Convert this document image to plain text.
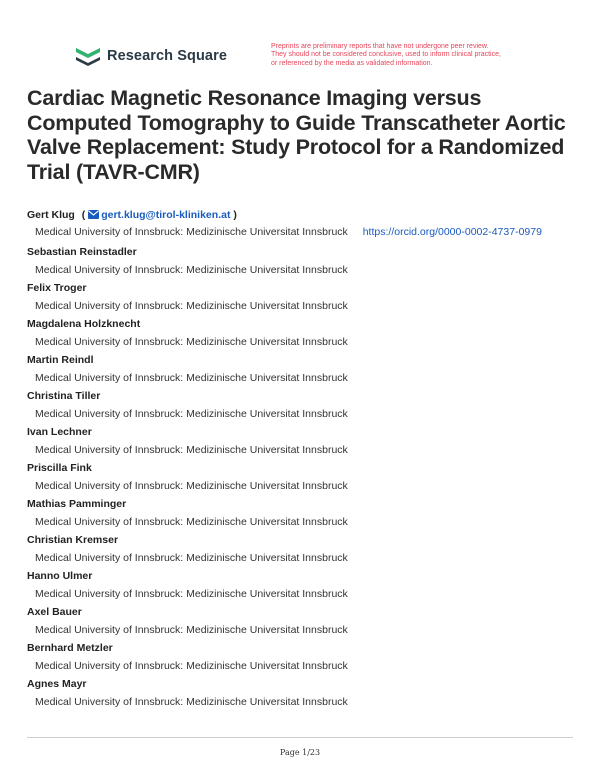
Research Square
Preprints are preliminary reports that have not undergone peer review.
They should not be considered conclusive, used to inform clinical practice,
or referenced by the media as validated information.
Cardiac Magnetic Resonance Imaging versus Computed Tomography to Guide Transcatheter Aortic Valve Replacement: Study Protocol for a Randomized Trial (TAVR-CMR)
Gert Klug ( gert.klug@tirol-kliniken.at )
Medical University of Innsbruck: Medizinische Universitat Innsbruck https://orcid.org/0000-0002-4737-0979
Sebastian Reinstadler
Medical University of Innsbruck: Medizinische Universitat Innsbruck
Felix Troger
Medical University of Innsbruck: Medizinische Universitat Innsbruck
Magdalena Holzknecht
Medical University of Innsbruck: Medizinische Universitat Innsbruck
Martin Reindl
Medical University of Innsbruck: Medizinische Universitat Innsbruck
Christina Tiller
Medical University of Innsbruck: Medizinische Universitat Innsbruck
Ivan Lechner
Medical University of Innsbruck: Medizinische Universitat Innsbruck
Priscilla Fink
Medical University of Innsbruck: Medizinische Universitat Innsbruck
Mathias Pamminger
Medical University of Innsbruck: Medizinische Universitat Innsbruck
Christian Kremser
Medical University of Innsbruck: Medizinische Universitat Innsbruck
Hanno Ulmer
Medical University of Innsbruck: Medizinische Universitat Innsbruck
Axel Bauer
Medical University of Innsbruck: Medizinische Universitat Innsbruck
Bernhard Metzler
Medical University of Innsbruck: Medizinische Universitat Innsbruck
Agnes Mayr
Medical University of Innsbruck: Medizinische Universitat Innsbruck
Page 1/23
